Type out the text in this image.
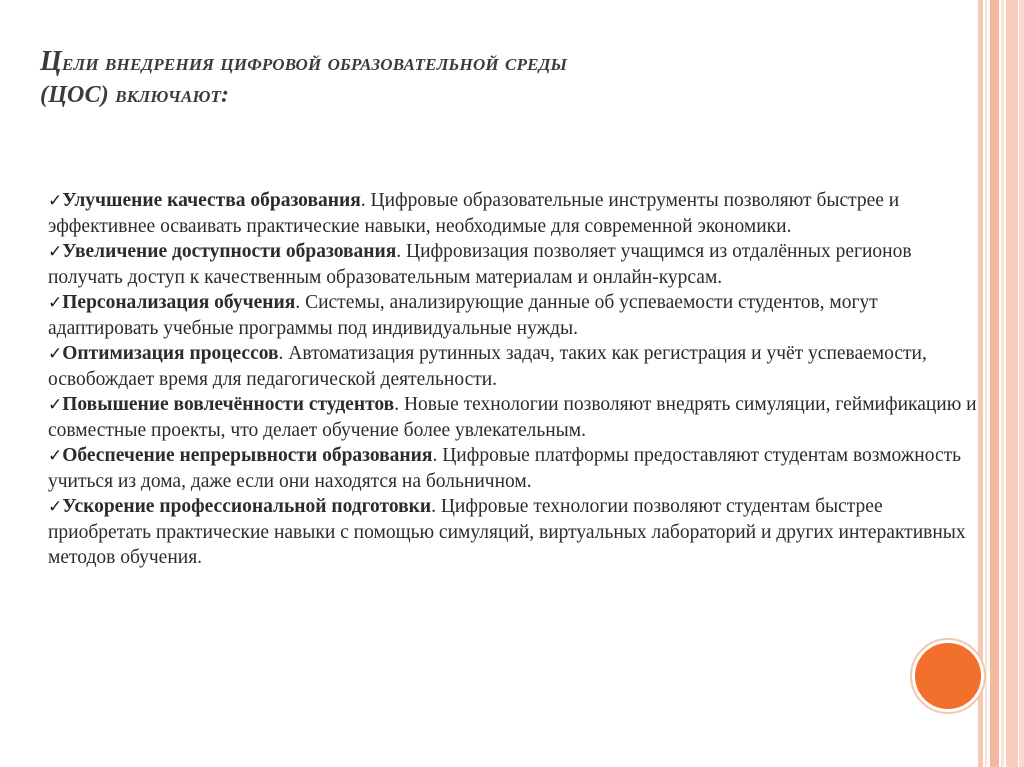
Цели внедрения цифровой образовательной среды
(ЦОС) включают:

✓Улучшение качества образования. Цифровые образовательные инструменты позволяют быстрее и эффективнее осваивать практические навыки, необходимые для современной экономики.

✓Увеличение доступности образования. Цифровизация позволяет учащимся из отдалённых регионов получать доступ к качественным образовательным материалам и онлайн-курсам.

✓Персонализация обучения. Системы, анализирующие данные об успеваемости студентов, могут адаптировать учебные программы под индивидуальные нужды.

✓Оптимизация процессов. Автоматизация рутинных задач, таких как регистрация и учёт успеваемости, освобождает время для педагогической деятельности.

✓Повышение вовлечённости студентов. Новые технологии позволяют внедрять симуляции, геймификацию и совместные проекты, что делает обучение более увлекательным.

✓Обеспечение непрерывности образования. Цифровые платформы предоставляют студентам возможность учиться из дома, даже если они находятся на больничном.

✓Ускорение профессиональной подготовки. Цифровые технологии позволяют студентам быстрее приобретать практические навыки с помощью симуляций, виртуальных лабораторий и других интерактивных методов обучения.
